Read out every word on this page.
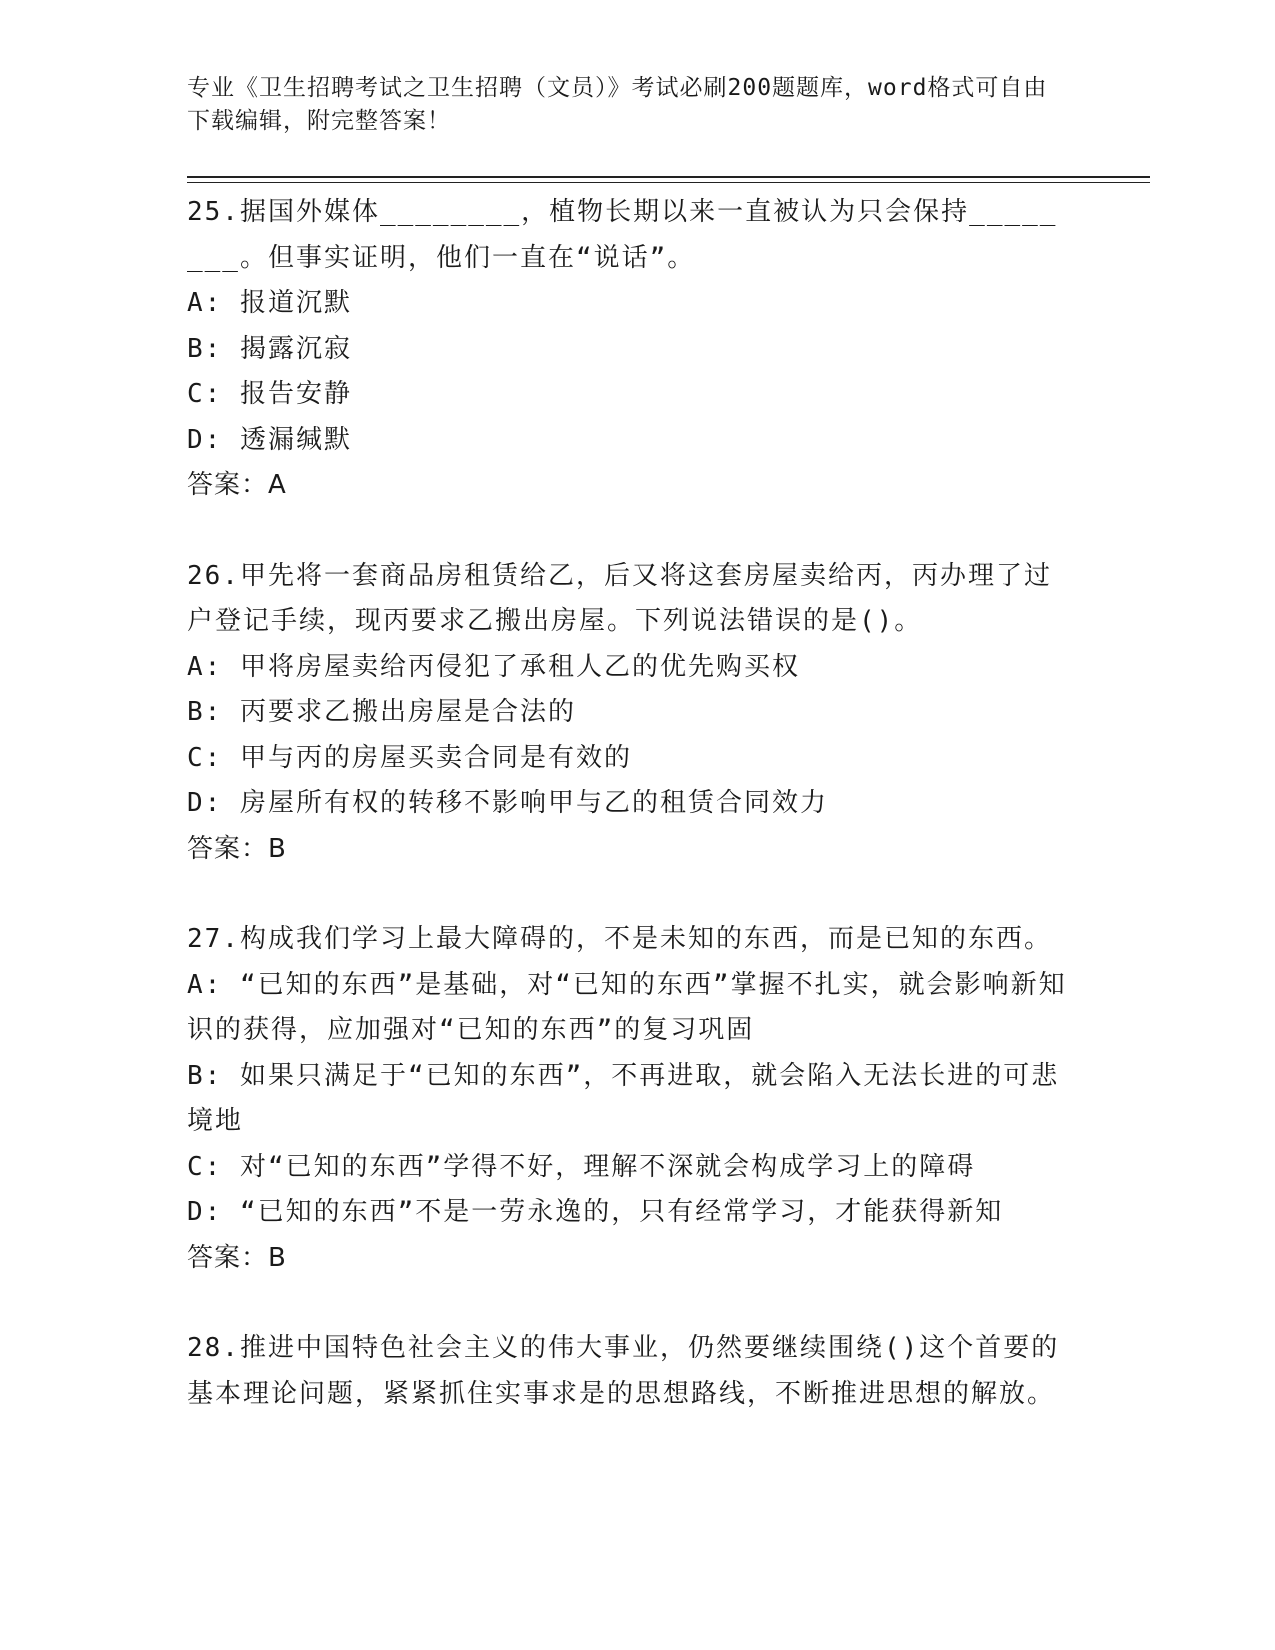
专业《卫生招聘考试之卫生招聘（文员）》考试必刷200题题库，word格式可自由下载编辑，附完整答案！
25.据国外媒体________，植物长期以来一直被认为只会保持________。但事实证明，他们一直在“说话”。
A: 报道沉默
B: 揭露沉寂
C: 报告安静
D: 透漏缄默
答案：A
26.甲先将一套商品房租赁给乙，后又将这套房屋卖给丙，丙办理了过户登记手续，现丙要求乙搬出房屋。下列说法错误的是()。
A: 甲将房屋卖给丙侵犯了承租人乙的优先购买权
B: 丙要求乙搬出房屋是合法的
C: 甲与丙的房屋买卖合同是有效的
D: 房屋所有权的转移不影响甲与乙的租赁合同效力
答案：B
27.构成我们学习上最大障碍的，不是未知的东西，而是已知的东西。
A: “已知的东西”是基础，对“已知的东西”掌握不扎实，就会影响新知识的获得，应加强对“已知的东西”的复习巩固
B: 如果只满足于“已知的东西”，不再进取，就会陷入无法长进的可悲境地
C: 对“已知的东西”学得不好，理解不深就会构成学习上的障碍
D: “已知的东西”不是一劳永逸的，只有经常学习，才能获得新知
答案：B
28.推进中国特色社会主义的伟大事业，仍然要继续围绕()这个首要的基本理论问题，紧紧抓住实事求是的思想路线，不断推进思想的解放。
